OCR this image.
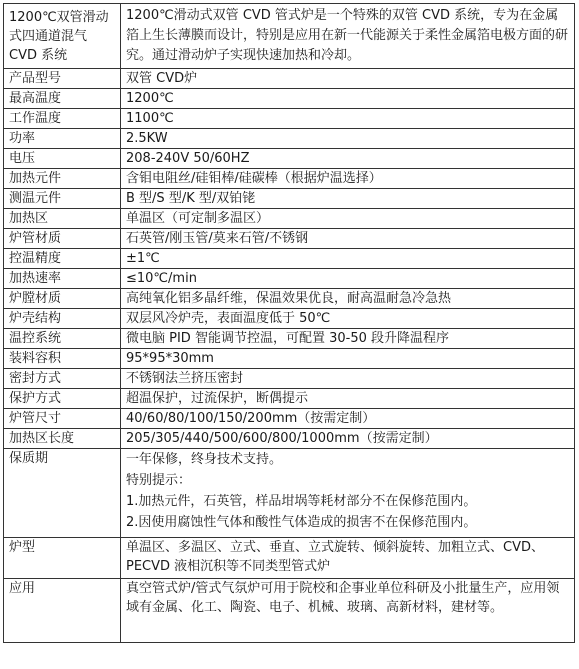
1200℃双管滑动式四通道混气 CVD 系统	1200℃滑动式双管 CVD 管式炉是一个特殊的双管 CVD 系统，专为在金属箔上生长薄膜而设计，特别是应用在新一代能源关于柔性金属箔电极方面的研究。通过滑动炉子实现快速加热和冷却。
产品型号	双管 CVD炉
最高温度	1200℃
工作温度	1100℃
功率	2.5KW
电压	208-240V 50/60HZ
加热元件	含钼电阻丝/硅钼棒/硅碳棒（根据炉温选择）
测温元件	B 型/S 型/K 型/双铂铑
加热区	单温区（可定制多温区）
炉管材质	石英管/刚玉管/莫来石管/不锈钢
控温精度	±1℃
加热速率	≤10℃/min
炉膛材质	高纯氧化铝多晶纤维，保温效果优良，耐高温耐急冷急热
炉壳结构	双层风冷炉壳，表面温度低于 50℃
温控系统	微电脑 PID 智能调节控温，可配置 30-50 段升降温程序
装料容积	95*95*30mm
密封方式	不锈钢法兰挤压密封
保护方式	超温保护，过流保护，断偶提示
炉管尺寸	40/60/80/100/150/200mm（按需定制）
加热区长度	205/305/440/500/600/800/1000mm（按需定制）
保质期	一年保修，终身技术支持。
特别提示：
1.加热元件，石英管，样品坩埚等耗材部分不在保修范围内。
2.因使用腐蚀性气体和酸性气体造成的损害不在保修范围内。

炉型	单温区、多温区、立式、垂直、立式旋转、倾斜旋转、加粗立式、CVD、PECVD 液相沉积等不同类型管式炉
应用	真空管式炉/管式气氛炉可用于院校和企事业单位科研及小批量生产，应用领域有金属、化工、陶瓷、电子、机械、玻璃、高新材料，建材等。
